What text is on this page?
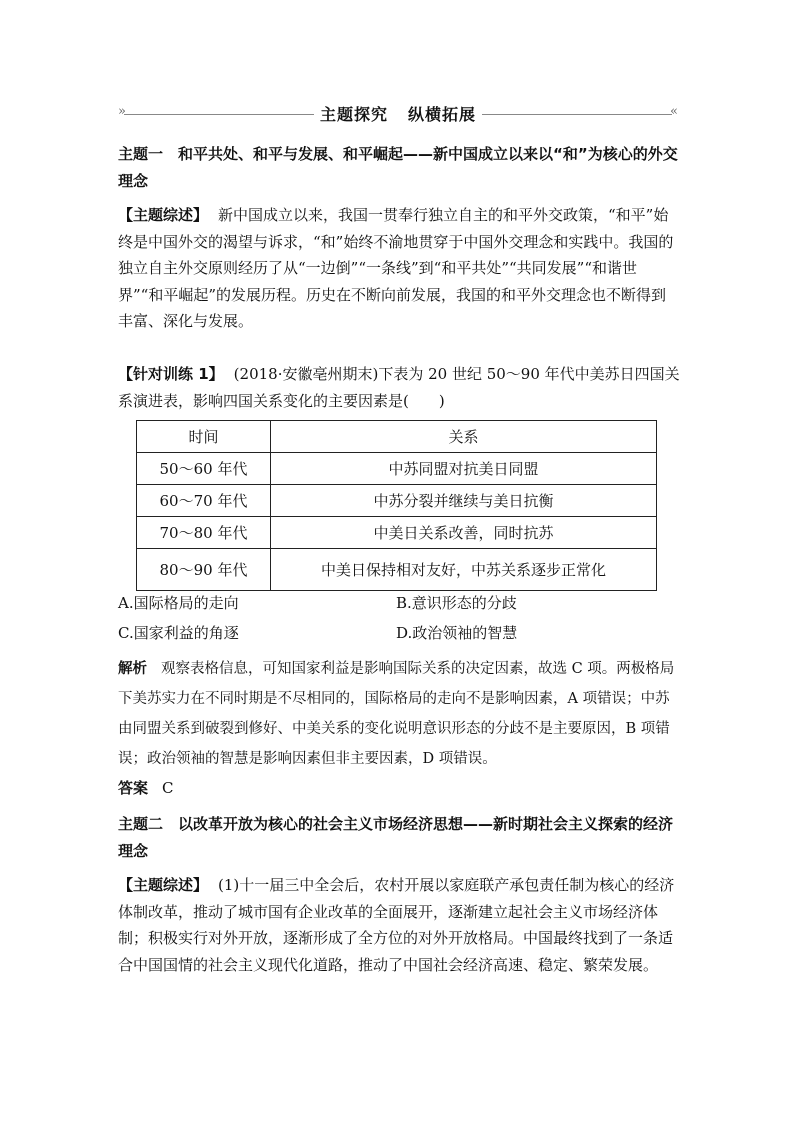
»	主题探究 纵横拓展	«
主题一　和平共处、和平与发展、和平崛起——新中国成立以来以“和”为核心的外交理念
【主题综述】 新中国成立以来，我国一贯奉行独立自主的和平外交政策，“和平”始终是中国外交的渴望与诉求，“和”始终不渝地贯穿于中国外交理念和实践中。我国的独立自主外交原则经历了从“一边倒”“一条线”到“和平共处”“共同发展”“和谐世界”“和平崛起”的发展历程。历史在不断向前发展，我国的和平外交理念也不断得到丰富、深化与发展。
【针对训练 1】 (2018·安徽亳州期末)下表为 20 世纪 50～90 年代中美苏日四国关系演进表，影响四国关系变化的主要因素是(　　)
时间	关系
50～60 年代	中苏同盟对抗美日同盟
60～70 年代	中苏分裂并继续与美日抗衡
70～80 年代	中美日关系改善，同时抗苏
80～90 年代	中美日保持相对友好，中苏关系逐步正常化
A.国际格局的走向	B.意识形态的分歧
C.国家利益的角逐	D.政治领袖的智慧
解析 观察表格信息，可知国家利益是影响国际关系的决定因素，故选 C 项。两极格局下美苏实力在不同时期是不尽相同的，国际格局的走向不是影响因素，A 项错误；中苏由同盟关系到破裂到修好、中美关系的变化说明意识形态的分歧不是主要原因，B 项错误；政治领袖的智慧是影响因素但非主要因素，D 项错误。
答案 C
主题二　以改革开放为核心的社会主义市场经济思想——新时期社会主义探索的经济理念
【主题综述】 (1)十一届三中全会后，农村开展以家庭联产承包责任制为核心的经济体制改革，推动了城市国有企业改革的全面展开，逐渐建立起社会主义市场经济体制；积极实行对外开放，逐渐形成了全方位的对外开放格局。中国最终找到了一条适合中国国情的社会主义现代化道路，推动了中国社会经济高速、稳定、繁荣发展。
